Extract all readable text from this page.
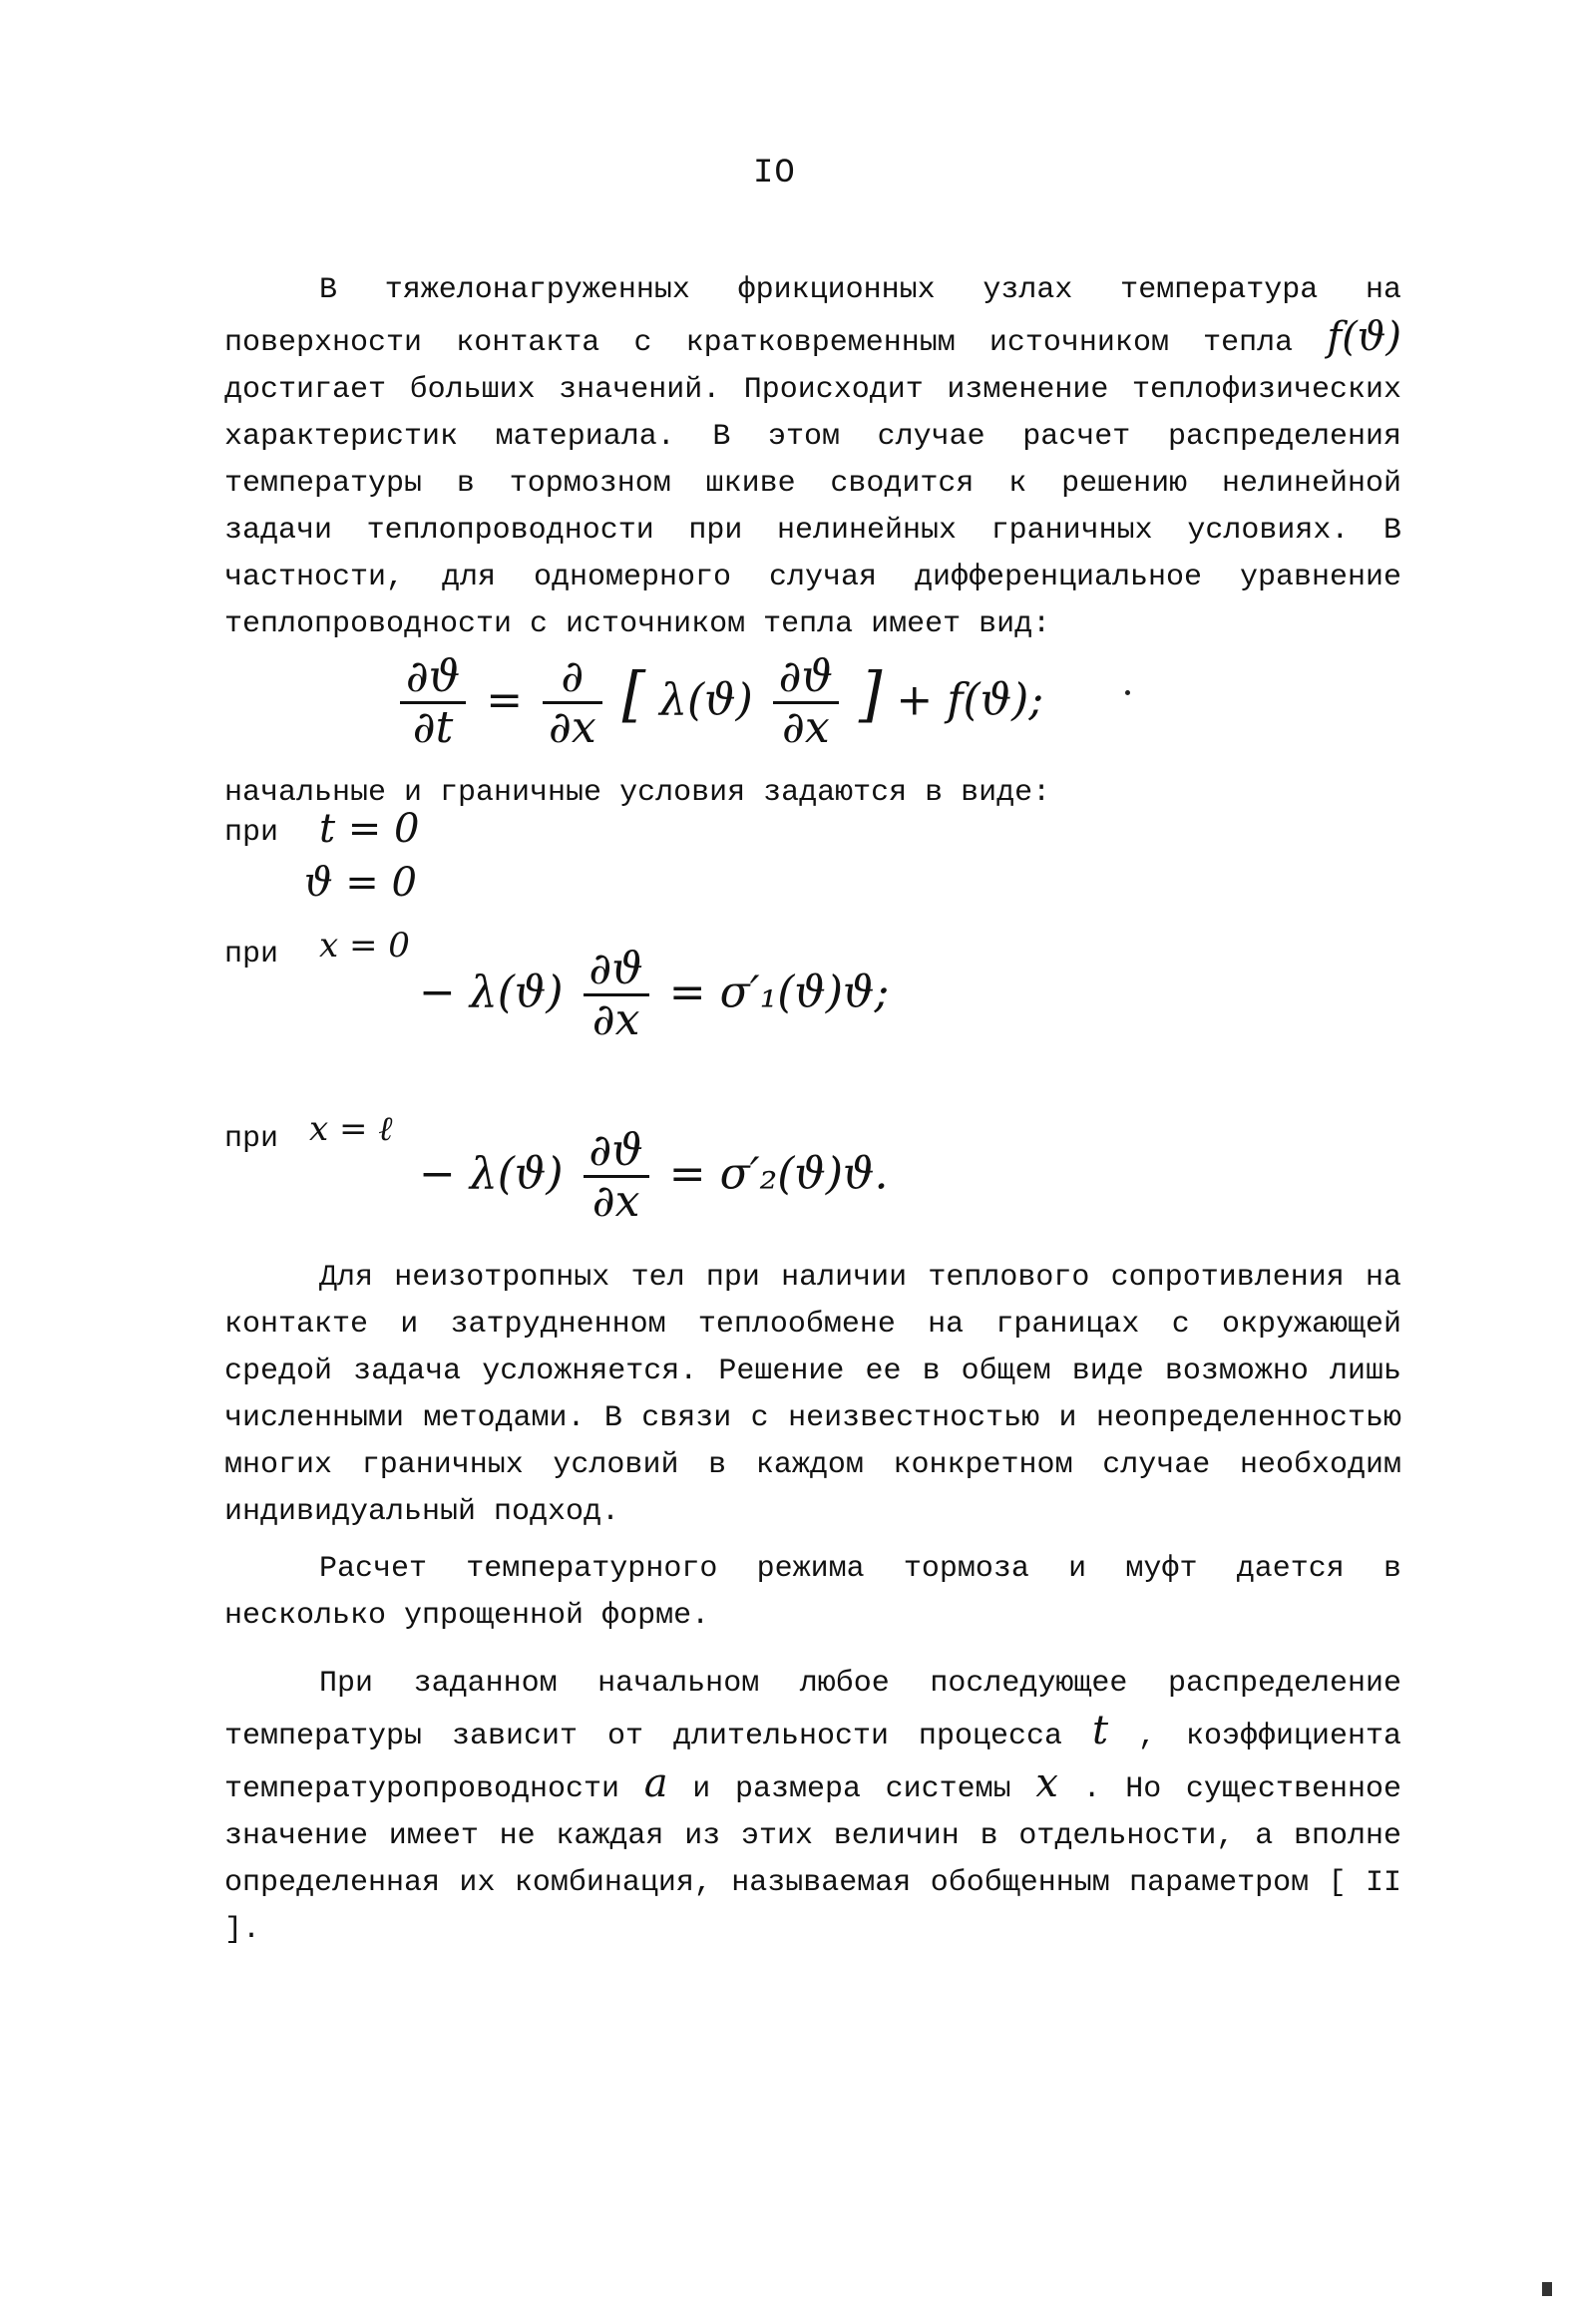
IO

В тяжелонагруженных фрикционных узлах температура на поверхности контакта с кратковременным источником тепла f(ϑ) достигает больших значений. Происходит изменение теплофизических характеристик материала. В этом случае расчет распределения температуры в тормозном шкиве сводится к решению нелинейной задачи теплопроводности при нелинейных граничных условиях. В частности, для одномерного случая дифференциальное уравнение теплопроводности с источником тепла имеет вид:

$\frac{\partial ϑ}{\partial t} = \frac{\partial}{\partial x}$ [ $\lambda(ϑ) \frac{\partial ϑ}{\partial x}$ ] + f(ϑ);

начальные и граничные условия задаются в виде:

при t = 0
ϑ = 0
при x = 0
− $\lambda(ϑ) \frac{\partial ϑ}{\partial x} = \sigma'_1(ϑ)ϑ$;
при x = ℓ
− $\lambda(ϑ) \frac{\partial ϑ}{\partial x} = \sigma'_2(ϑ)ϑ$.

Для неизотропных тел при наличии теплового сопротивления на контакте и затрудненном теплообмене на границах с окружающей средой задача усложняется. Решение ее в общем виде возможно лишь численными методами. В связи с неизвестностью и неопределенностью многих граничных условий в каждом конкретном случае необходим индивидуальный подход.

Расчет температурного режима тормоза и муфт дается в несколько упрощенной форме.

При заданном начальном любое последующее распределение температуры зависит от длительности процесса t , коэффициента температуропроводности a и размера системы x . Но существенное значение имеет не каждая из этих величин в отдельности, а вполне определенная их комбинация, называемая обобщенным параметром [ II ].
